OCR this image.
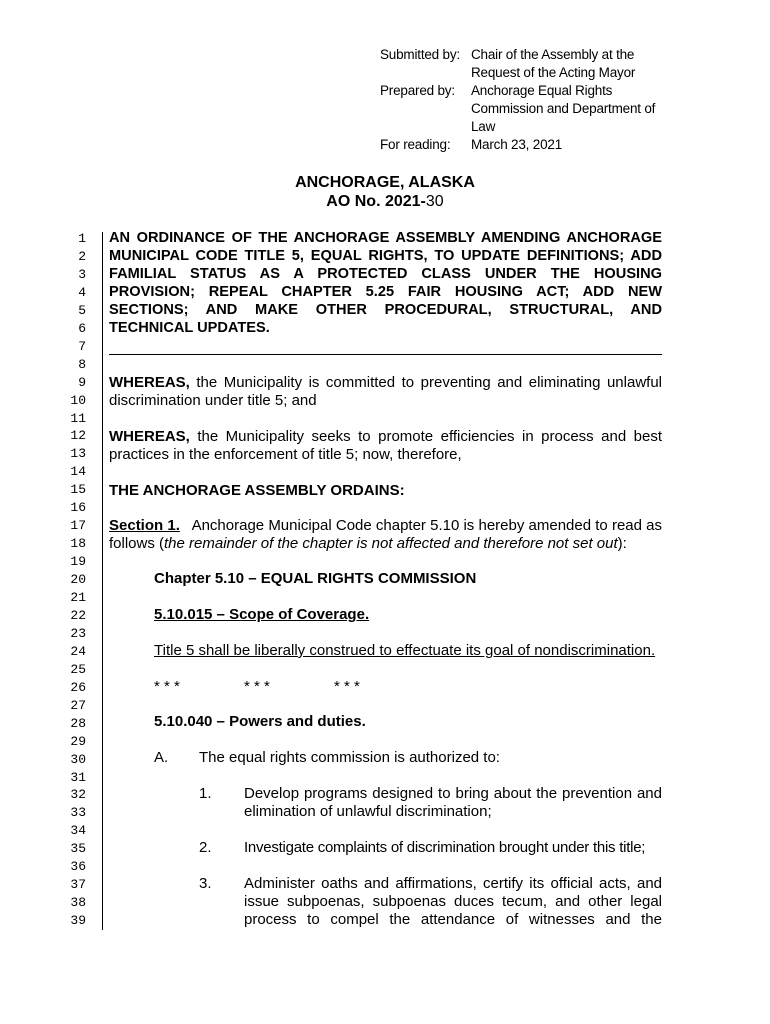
Submitted by: Chair of the Assembly at the Request of the Acting Mayor
Prepared by: Anchorage Equal Rights Commission and Department of Law
For reading: March 23, 2021
ANCHORAGE, ALASKA
AO No. 2021-30
1
2
3
4
5
6
7
8
9
10
11
12
13
14
15
16
17
18
19
20
21
22
23
24
25
26
27
28
29
30
31
32
33
34
35
36
37
38
39
AN ORDINANCE OF THE ANCHORAGE ASSEMBLY AMENDING ANCHORAGE MUNICIPAL CODE TITLE 5, EQUAL RIGHTS, TO UPDATE DEFINITIONS; ADD FAMILIAL STATUS AS A PROTECTED CLASS UNDER THE HOUSING PROVISION; REPEAL CHAPTER 5.25 FAIR HOUSING ACT; ADD NEW SECTIONS; AND MAKE OTHER PROCEDURAL, STRUCTURAL, AND TECHNICAL UPDATES.
WHEREAS, the Municipality is committed to preventing and eliminating unlawful discrimination under title 5; and
WHEREAS, the Municipality seeks to promote efficiencies in process and best practices in the enforcement of title 5; now, therefore,
THE ANCHORAGE ASSEMBLY ORDAINS:
Section 1.   Anchorage Municipal Code chapter 5.10 is hereby amended to read as follows (the remainder of the chapter is not affected and therefore not set out):
Chapter 5.10 – EQUAL RIGHTS COMMISSION
5.10.015 – Scope of Coverage.
Title 5 shall be liberally construed to effectuate its goal of nondiscrimination.
* * *	* * *	* * *
5.10.040 – Powers and duties.
A. The equal rights commission is authorized to:
1. Develop programs designed to bring about the prevention and elimination of unlawful discrimination;
2. Investigate complaints of discrimination brought under this title;
3. Administer oaths and affirmations, certify its official acts, and issue subpoenas, subpoenas duces tecum, and other legal process to compel the attendance of witnesses and the
